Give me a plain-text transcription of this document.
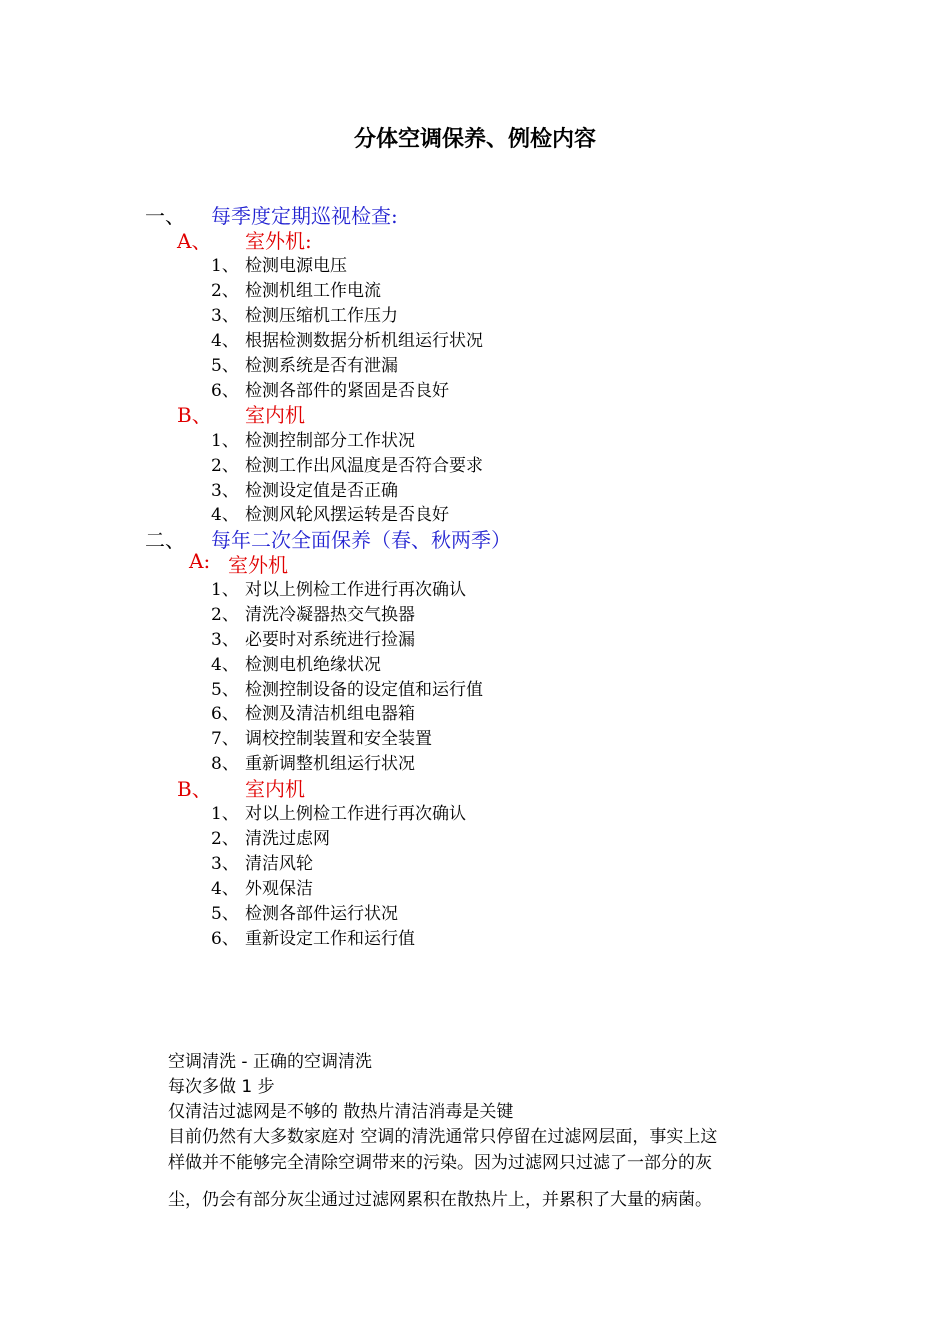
分体空调保养、例检内容
一、 每季度定期巡视检查:
A、 室外机:
1、 检测电源电压
2、 检测机组工作电流
3、 检测压缩机工作压力
4、 根据检测数据分析机组运行状况
5、 检测系统是否有泄漏
6、 检测各部件的紧固是否良好
B、 室内机
1、 检测控制部分工作状况
2、 检测工作出风温度是否符合要求
3、 检测设定值是否正确
4、 检测风轮风摆运转是否良好
二、 每年二次全面保养（春、秋两季）
A: 室外机
1、 对以上例检工作进行再次确认
2、 清洗冷凝器热交气换器
3、 必要时对系统进行捡漏
4、 检测电机绝缘状况
5、 检测控制设备的设定值和运行值
6、 检测及清洁机组电器箱
7、 调校控制装置和安全装置
8、 重新调整机组运行状况
B、 室内机
1、 对以上例检工作进行再次确认
2、 清洗过虑网
3、 清洁风轮
4、 外观保洁
5、 检测各部件运行状况
6、 重新设定工作和运行值
空调清洗 - 正确的空调清洗
每次多做 1 步
仅清洁过滤网是不够的 散热片清洁消毒是关键
目前仍然有大多数家庭对 空调的清洗通常只停留在过滤网层面，事实上这
样做并不能够完全清除空调带来的污染。因为过滤网只过滤了一部分的灰
尘，仍会有部分灰尘通过过滤网累积在散热片上，并累积了大量的病菌。
